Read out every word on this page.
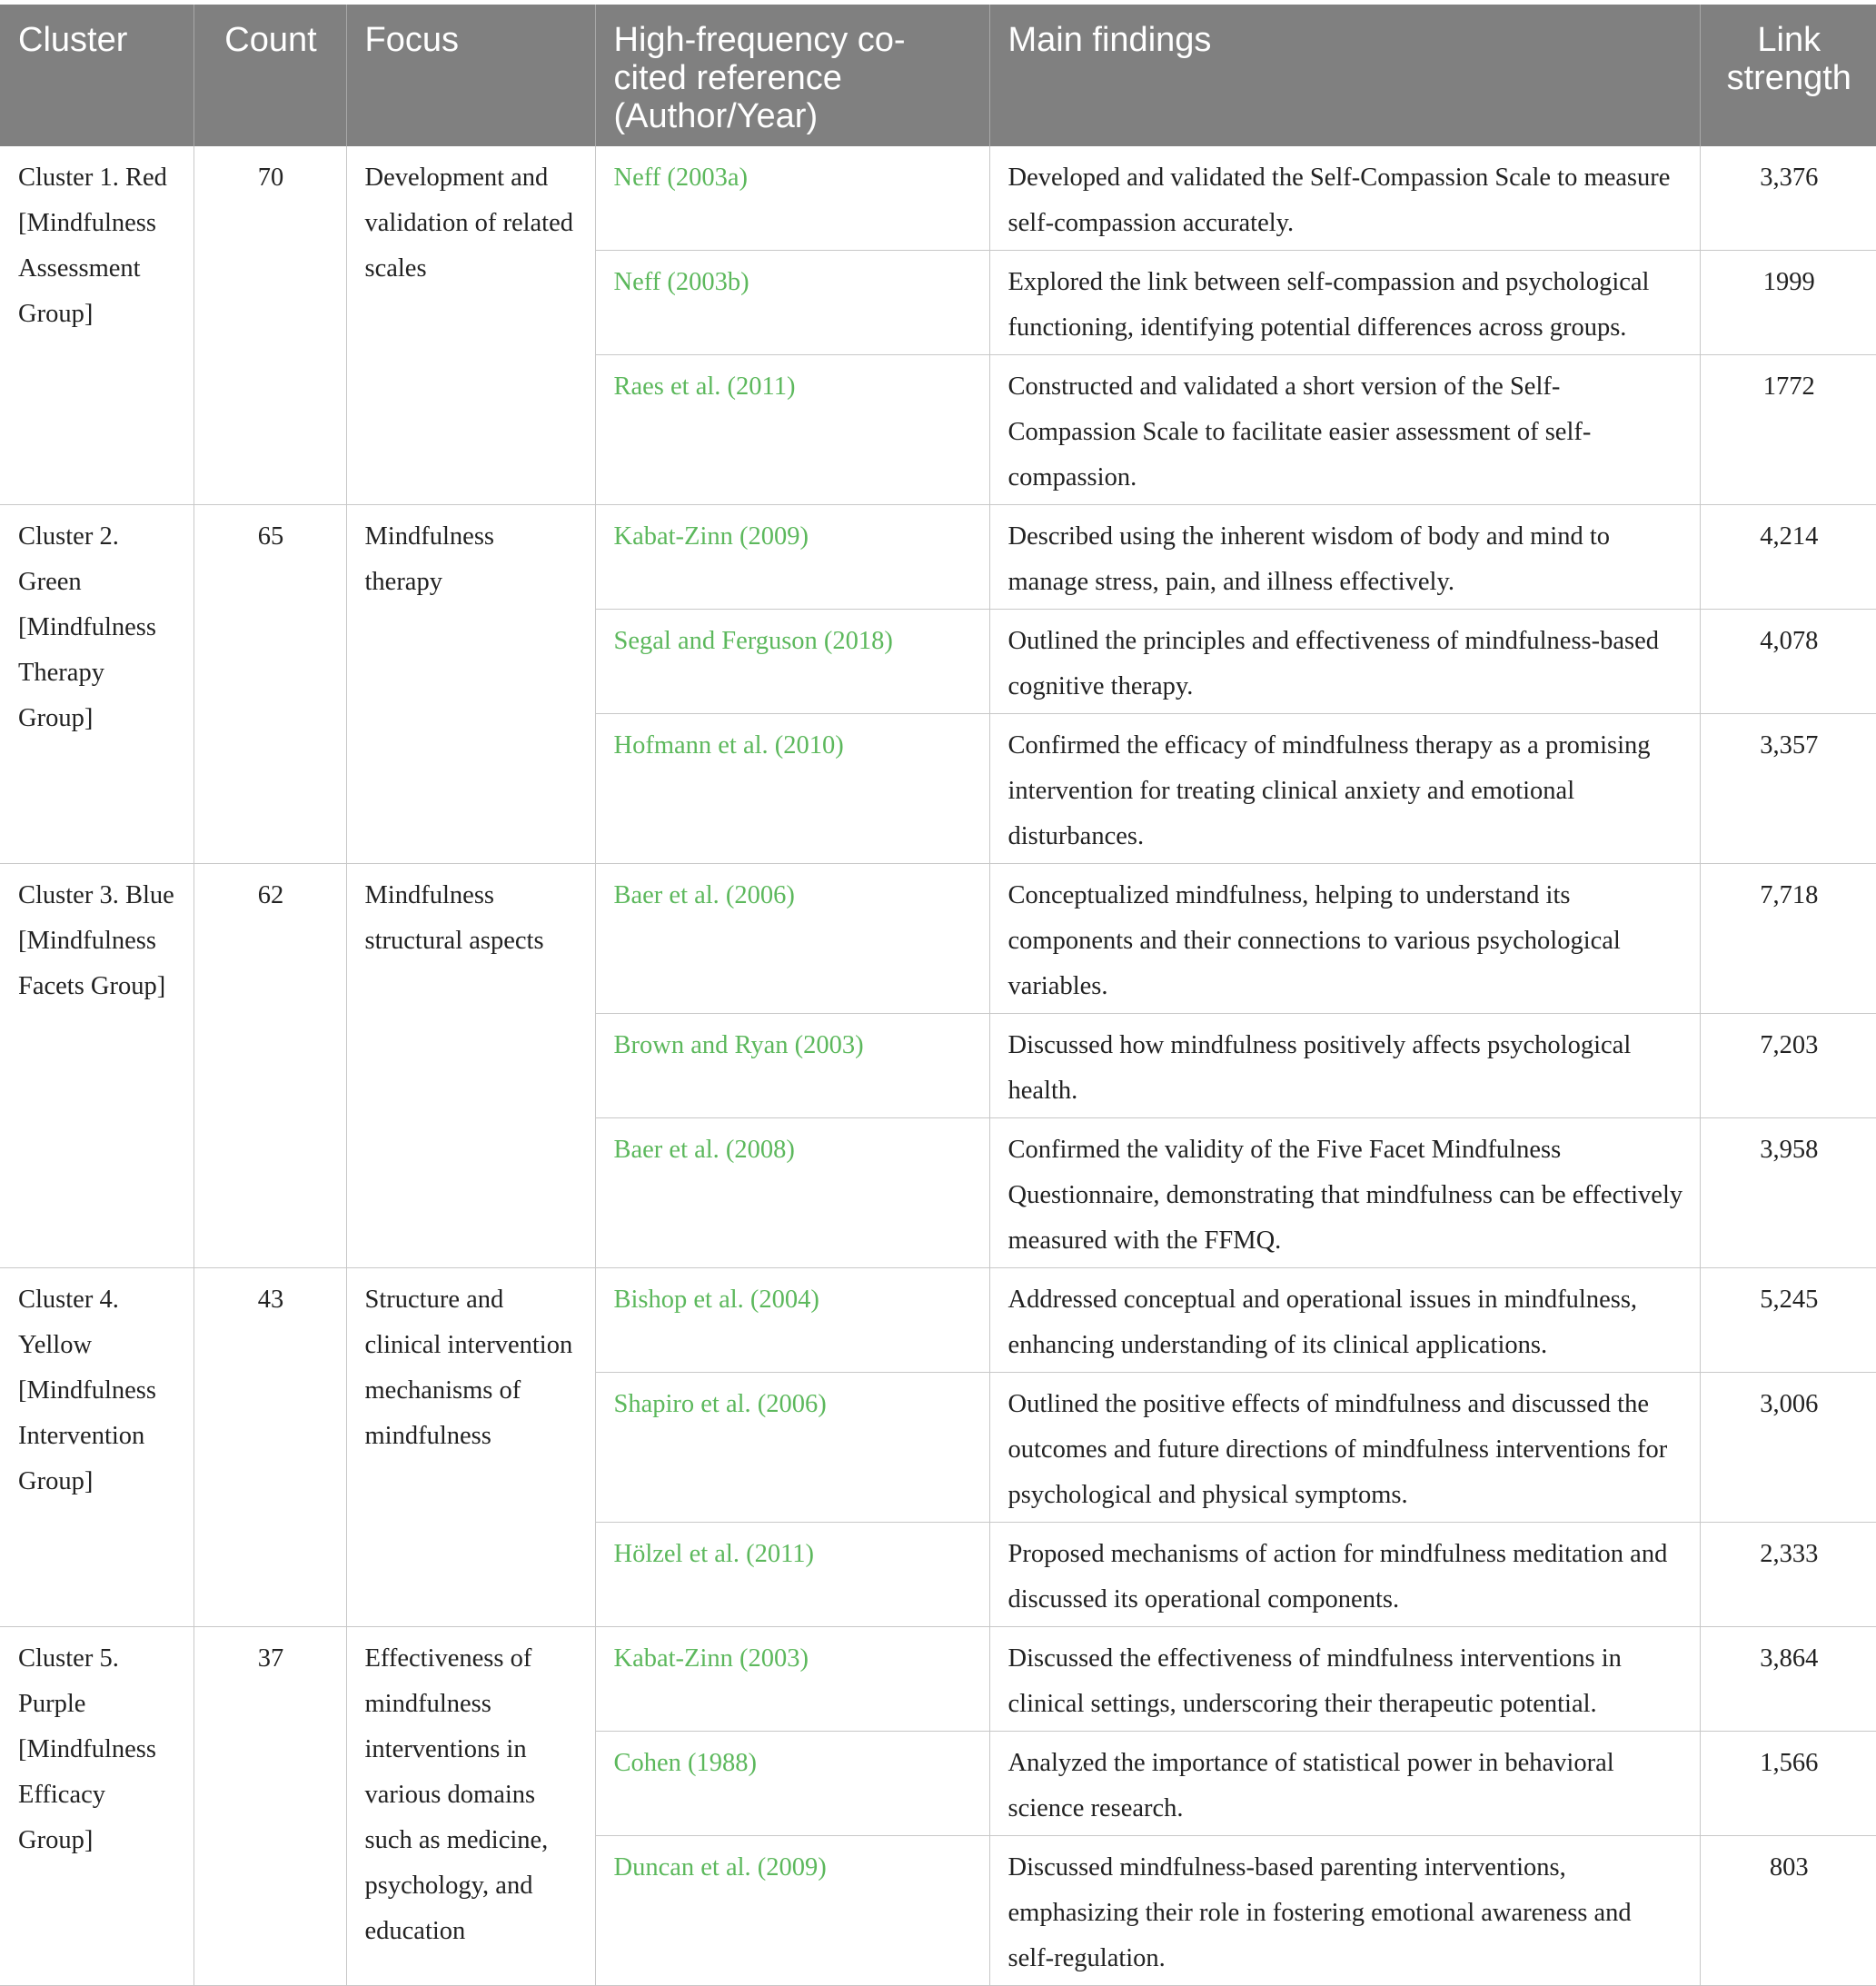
Cluster	Count	Focus	High-frequency co-cited reference (Author/Year)	Main findings	Link strength
Cluster 1. Red [Mindfulness Assessment Group]	70	Development and validation of related scales	Neff (2003a)	Developed and validated the Self-Compassion Scale to measure self-compassion accurately.	3,376
			Neff (2003b)	Explored the link between self-compassion and psychological functioning, identifying potential differences across groups.	1999
			Raes et al. (2011)	Constructed and validated a short version of the Self-Compassion Scale to facilitate easier assessment of self-compassion.	1772
Cluster 2. Green [Mindfulness Therapy Group]	65	Mindfulness therapy	Kabat-Zinn (2009)	Described using the inherent wisdom of body and mind to manage stress, pain, and illness effectively.	4,214
			Segal and Ferguson (2018)	Outlined the principles and effectiveness of mindfulness-based cognitive therapy.	4,078
			Hofmann et al. (2010)	Confirmed the efficacy of mindfulness therapy as a promising intervention for treating clinical anxiety and emotional disturbances.	3,357
Cluster 3. Blue [Mindfulness Facets Group]	62	Mindfulness structural aspects	Baer et al. (2006)	Conceptualized mindfulness, helping to understand its components and their connections to various psychological variables.	7,718
			Brown and Ryan (2003)	Discussed how mindfulness positively affects psychological health.	7,203
			Baer et al. (2008)	Confirmed the validity of the Five Facet Mindfulness Questionnaire, demonstrating that mindfulness can be effectively measured with the FFMQ.	3,958
Cluster 4. Yellow [Mindfulness Intervention Group]	43	Structure and clinical intervention mechanisms of mindfulness	Bishop et al. (2004)	Addressed conceptual and operational issues in mindfulness, enhancing understanding of its clinical applications.	5,245
			Shapiro et al. (2006)	Outlined the positive effects of mindfulness and discussed the outcomes and future directions of mindfulness interventions for psychological and physical symptoms.	3,006
			Hölzel et al. (2011)	Proposed mechanisms of action for mindfulness meditation and discussed its operational components.	2,333
Cluster 5. Purple [Mindfulness Efficacy Group]	37	Effectiveness of mindfulness interventions in various domains such as medicine, psychology, and education	Kabat-Zinn (2003)	Discussed the effectiveness of mindfulness interventions in clinical settings, underscoring their therapeutic potential.	3,864
			Cohen (1988)	Analyzed the importance of statistical power in behavioral science research.	1,566
			Duncan et al. (2009)	Discussed mindfulness-based parenting interventions, emphasizing their role in fostering emotional awareness and self-regulation.	803
